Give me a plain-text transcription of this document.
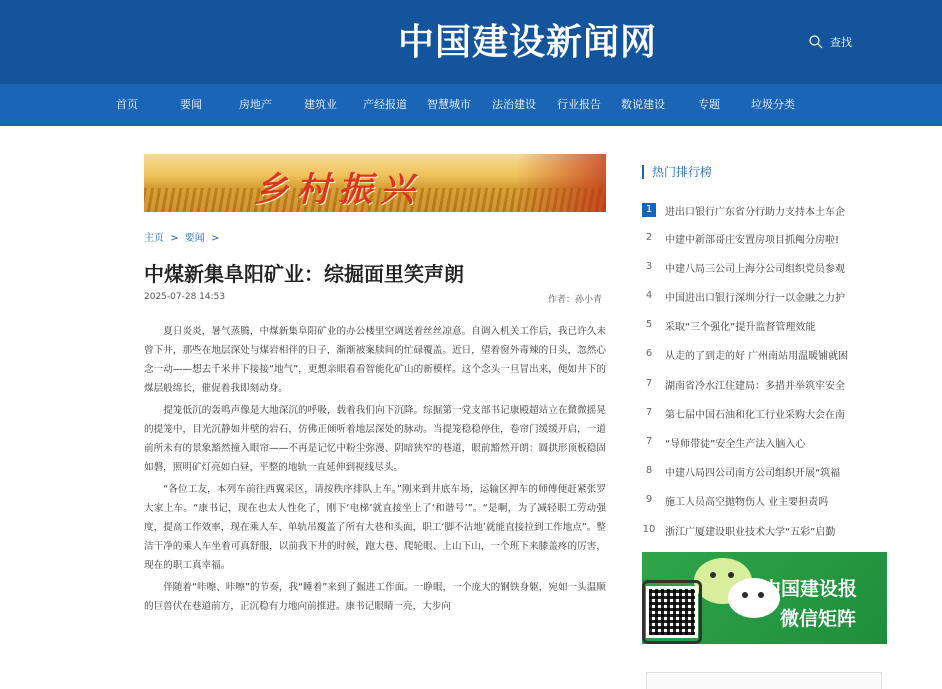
中国建设新闻网	查找
首页	要闻	房地产	建筑业 产经报道 智慧城市 法治建设 行业报告 数说建设	专题	垃圾分类
乡村振兴
主页 > 要闻 >
中煤新集阜阳矿业：综掘面里笑声朗
2025-07-28 14:53	作者：孙小青

夏日炎炎，暑气蒸腾，中煤新集阜阳矿业的办公楼里空调送着丝丝凉意。自调入机关工作后，我已许久未曾下井，那些在地层深处与煤岩相伴的日子，渐渐被案牍间的忙碌覆盖。近日，望着窗外毒辣的日头，忽然心念一动——想去千米井下接接“地气”，更想亲眼看看智能化矿山的新模样。这个念头一旦冒出来，便如井下的煤层般绵长，催促着我即刻动身。

提笼低沉的轰鸣声像是大地深沉的呼吸，载着我们向下沉降。综掘第一党支部书记康殿超站立在微微摇晃的提笼中，目光沉静如井壁的岩石，仿佛正倾听着地层深处的脉动。当提笼稳稳停住，卷帘门缓缓开启，一道前所未有的景象豁然撞入眼帘——不再是记忆中粉尘弥漫、阴暗狭窄的巷道，眼前豁然开朗：圆拱形顶板稳固如磐，照明矿灯亮如白昼，平整的地轨一直延伸到视线尽头。

“各位工友，本列车前往西翼采区，请按秩序排队上车。”刚来到井底车场，运输区押车的师傅便赶紧张罗大家上车。“康书记，现在也太人性化了，刚下‘电梯’就直接坐上了‘和谐号’”。“是啊，为了减轻职工劳动强度，提高工作效率，现在乘人车、单轨吊覆盖了所有大巷和头面，职工‘脚不沾地’就能直接拉到工作地点”。整洁干净的乘人车坐着可真舒服，以前我下井的时候，跑大巷、爬轮眼、上山下山，一个班下来膝盖疼的厉害，现在的职工真幸福。

伴随着“咔嚓、咔嚓”的节奏，我“睡着”来到了掘进工作面。一睁眼，一个庞大的钢铁身躯，宛如一头温顺的巨兽伏在巷道前方，正沉稳有力地向前推进。康书记眼睛一亮，大步向

热门排行榜
1	进出口银行广东省分行助力支持本土车企
2	中建中新部哥庄安置房项目抓阄分房啦!
3	中建八局三公司上海分公司组织党员参观
4	中国进出口银行深圳分行一以金融之力护
5	采取“三个强化”提升监督管理效能
6	从走的了到走的好 广州南站用温暖铺就困
7	湖南省冷水江住建局：多措并举筑牢安全
7	第七届中国石油和化工行业采购大会在南
7	“导师带徒”安全生产法入脑入心
8	中建八局四公司南方公司组织开展“筑福
9	施工人员高空抛物伤人 业主要担责吗
10 浙江广厦建设职业技术大学“五彩”启勤
中国建设报
微信矩阵
